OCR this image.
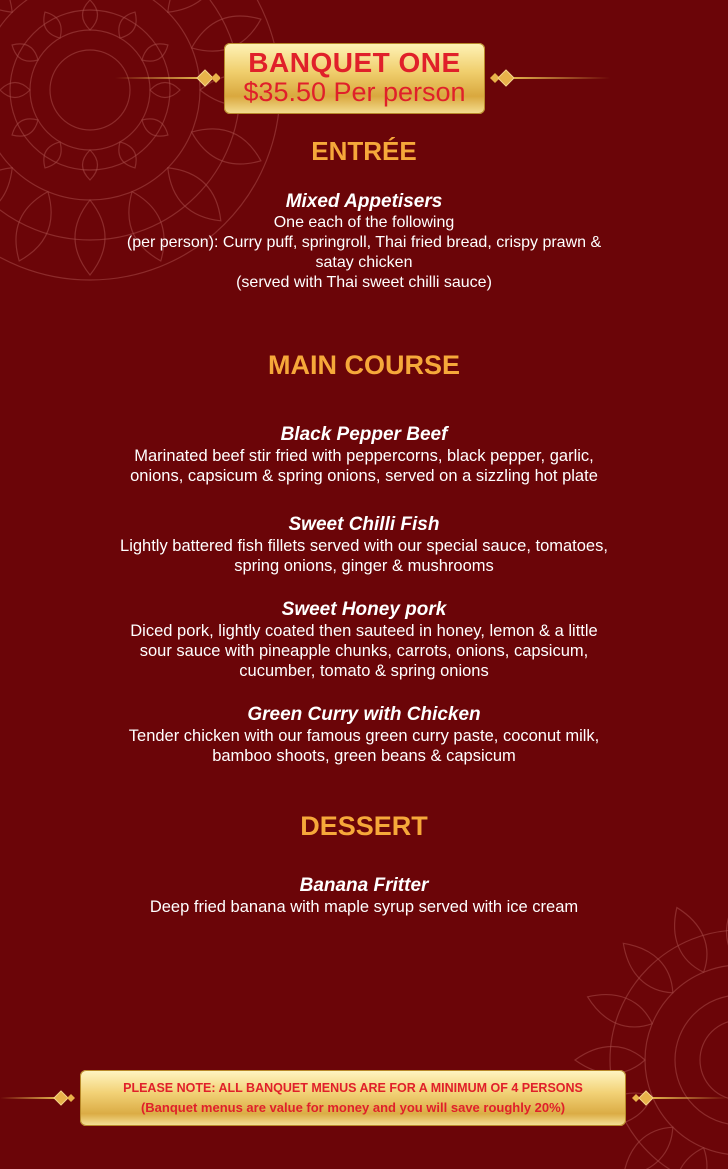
BANQUET ONE
$35.50 Per person
ENTRÉE
Mixed Appetisers
One each of the following
(per person): Curry puff, springroll, Thai fried bread, crispy prawn &
satay chicken
(served with Thai sweet chilli sauce)
MAIN COURSE
Black Pepper Beef
Marinated beef stir fried with peppercorns, black pepper, garlic,
onions, capsicum & spring onions, served on a sizzling hot plate
Sweet Chilli Fish
Lightly battered fish fillets served with our special sauce, tomatoes,
spring onions, ginger & mushrooms
Sweet Honey pork
Diced pork, lightly coated then sauteed in honey, lemon & a little
sour sauce with pineapple chunks, carrots, onions, capsicum,
cucumber, tomato & spring onions
Green Curry with Chicken
Tender chicken with our famous green curry paste, coconut milk,
bamboo shoots, green beans & capsicum
DESSERT
Banana Fritter
Deep fried banana with maple syrup served with ice cream
PLEASE NOTE: ALL BANQUET MENUS ARE FOR A MINIMUM OF 4 PERSONS
(Banquet menus are value for money and you will save roughly 20%)
